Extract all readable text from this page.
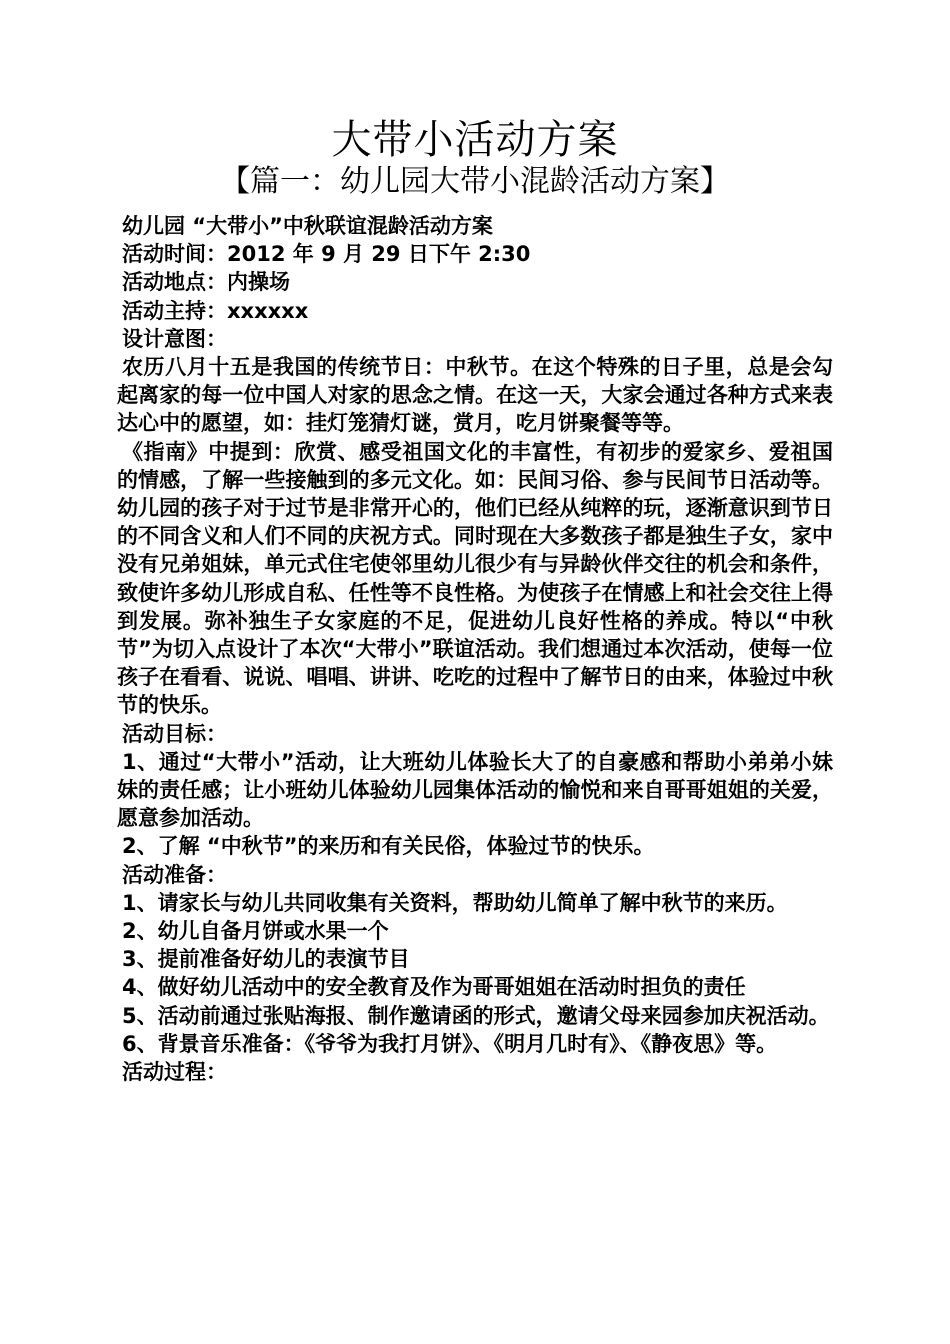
大带小活动方案
【篇一：幼儿园大带小混龄活动方案】

幼儿园 “大带小”中秋联谊混龄活动方案

活动时间：2012 年 9 月 29 日下午 2:30

活动地点：内操场

活动主持：xxxxxx

设计意图：

农历八月十五是我国的传统节日：中秋节。在这个特殊的日子里，总是会勾起离家的每一位中国人对家的思念之情。在这一天，大家会通过各种方式来表达心中的愿望，如：挂灯笼猜灯谜，赏月，吃月饼聚餐等等。

《指南》中提到：欣赏、感受祖国文化的丰富性，有初步的爱家乡、爱祖国的情感，了解一些接触到的多元文化。如：民间习俗、参与民间节日活动等。幼儿园的孩子对于过节是非常开心的，他们已经从纯粹的玩，逐渐意识到节日的不同含义和人们不同的庆祝方式。同时现在大多数孩子都是独生子女，家中没有兄弟姐妹，单元式住宅使邻里幼儿很少有与异龄伙伴交往的机会和条件，致使许多幼儿形成自私、任性等不良性格。为使孩子在情感上和社会交往上得到发展。弥补独生子女家庭的不足，促进幼儿良好性格的养成。特以“中秋节”为切入点设计了本次“大带小”联谊活动。我们想通过本次活动，使每一位孩子在看看、说说、唱唱、讲讲、吃吃的过程中了解节日的由来，体验过中秋节的快乐。

活动目标：

1、通过“大带小”活动，让大班幼儿体验长大了的自豪感和帮助小弟弟小妹妹的责任感；让小班幼儿体验幼儿园集体活动的愉悦和来自哥哥姐姐的关爱，愿意参加活动。

2、了解 “中秋节”的来历和有关民俗，体验过节的快乐。

活动准备：

1、请家长与幼儿共同收集有关资料，帮助幼儿简单了解中秋节的来历。

2、幼儿自备月饼或水果一个

3、提前准备好幼儿的表演节目

4、做好幼儿活动中的安全教育及作为哥哥姐姐在活动时担负的责任

5、活动前通过张贴海报、制作邀请函的形式，邀请父母来园参加庆祝活动。

6、背景音乐准备：《爷爷为我打月饼》、《明月几时有》、《静夜思》等。

活动过程：
